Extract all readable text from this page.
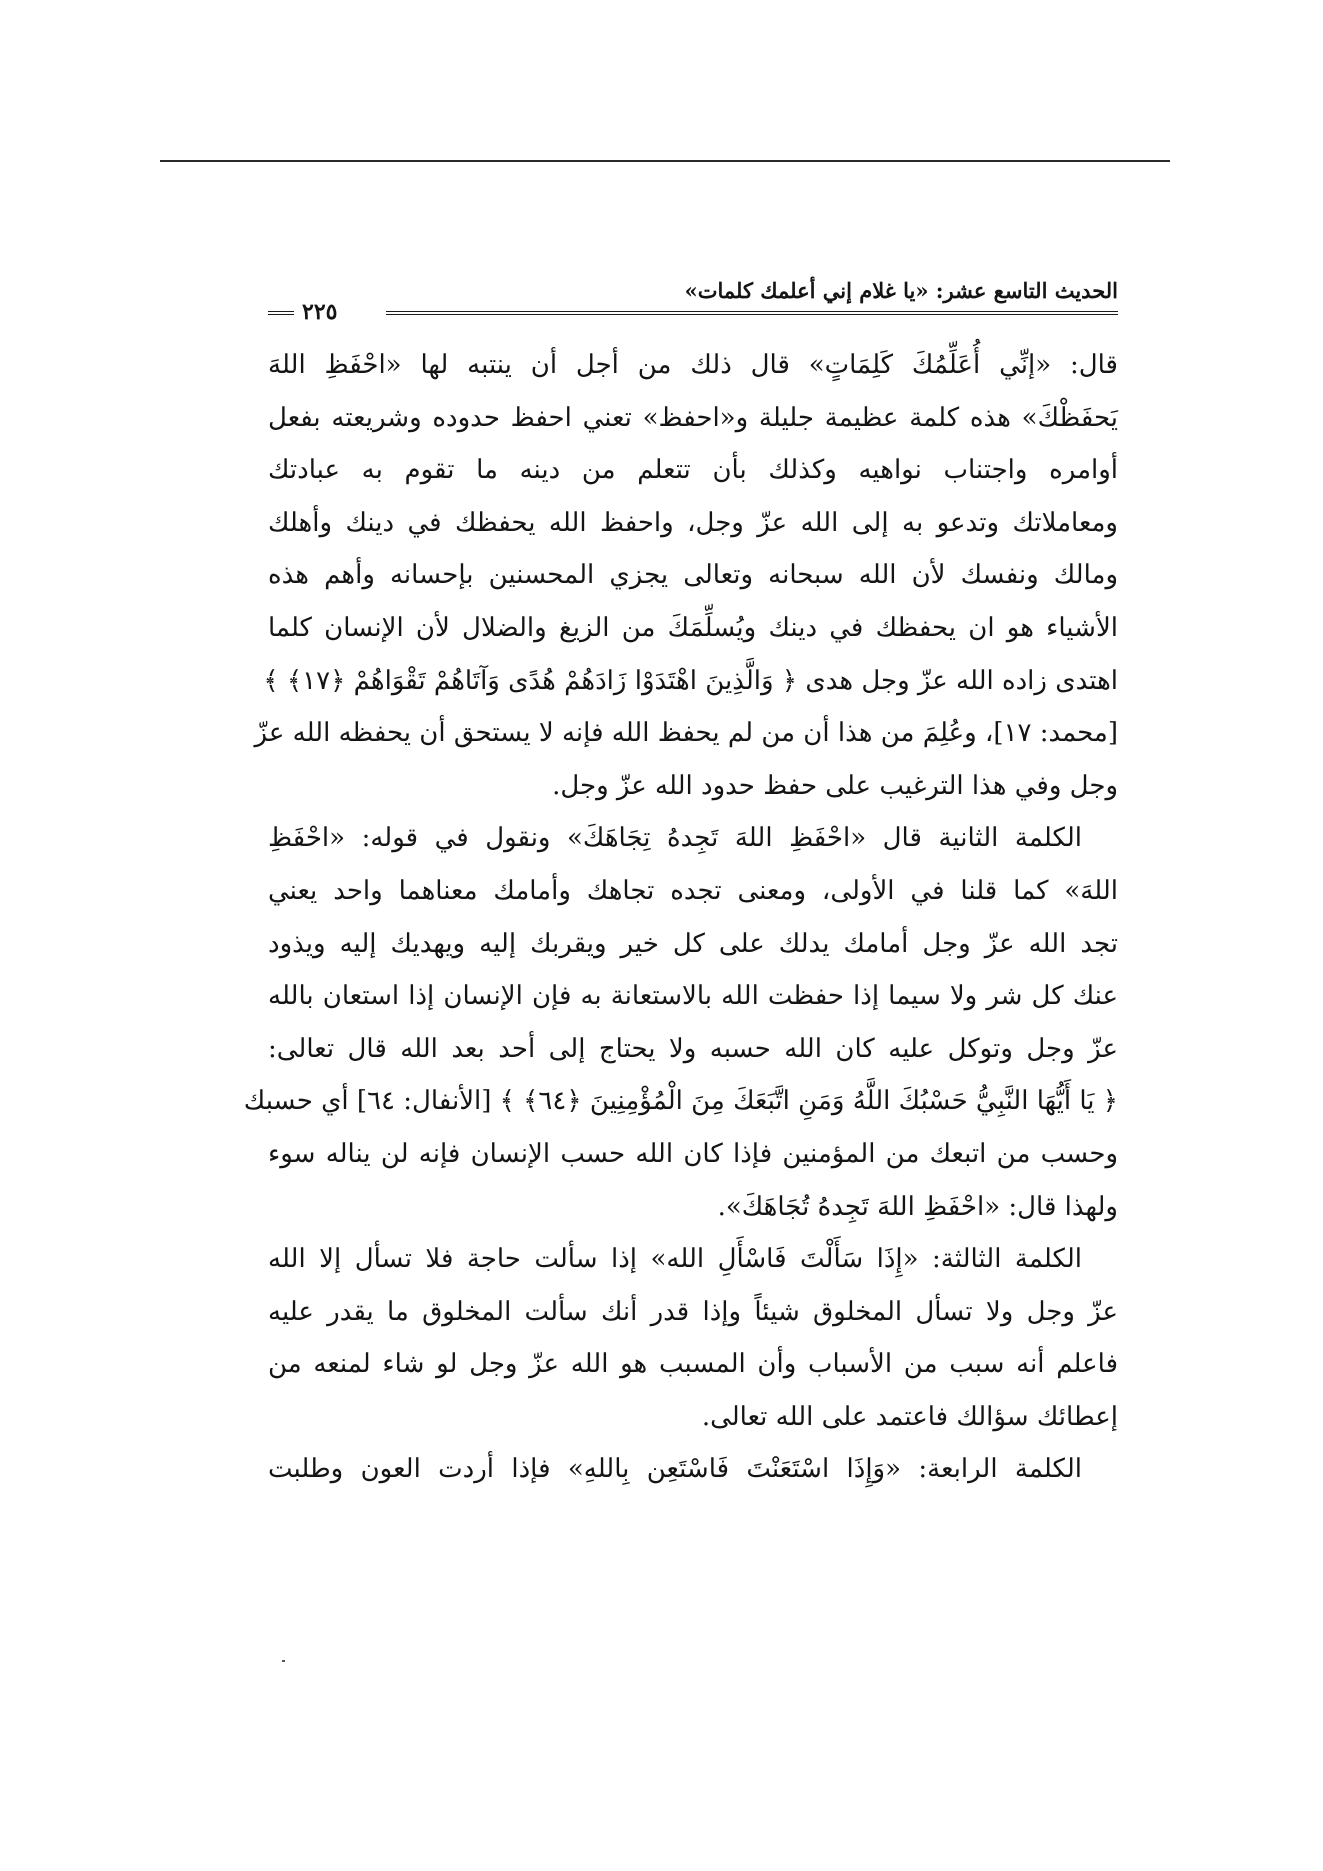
الحديث التاسع عشر: «يا غلام إني أعلمك كلمات»
٢٢٥
قال: «إنِّي أُعَلِّمُكَ كَلِمَاتٍ» قال ذلك من أجل أن ينتبه لها «احْفَظِ اللهَ
يَحفَظْكَ» هذه كلمة عظيمة جليلة و«احفظ» تعني احفظ حدوده وشريعته بفعل
أوامره واجتناب نواهيه وكذلك بأن تتعلم من دينه ما تقوم به عبادتك
ومعاملاتك وتدعو به إلى الله عزّ وجل، واحفظ الله يحفظك في دينك وأهلك
ومالك ونفسك لأن الله سبحانه وتعالى يجزي المحسنين بإحسانه وأهم هذه
الأشياء هو ان يحفظك في دينك ويُسلِّمَكَ من الزيغ والضلال لأن الإنسان كلما
اهتدى زاده الله عزّ وجل هدى ﴿ وَالَّذِينَ اهْتَدَوْا زَادَهُمْ هُدًى وَآتَاهُمْ تَقْوَاهُمْ ﴿١٧﴾ ﴾
[محمد: ١٧]، وعُلِمَ من هذا أن من لم يحفظ الله فإنه لا يستحق أن يحفظه الله عزّ
وجل وفي هذا الترغيب على حفظ حدود الله عزّ وجل.
الكلمة الثانية قال «احْفَظِ اللهَ تَجِدهُ تِجَاهَكَ» ونقول في قوله: «احْفَظِ
اللهَ» كما قلنا في الأولى، ومعنى تجده تجاهك وأمامك معناهما واحد يعني
تجد الله عزّ وجل أمامك يدلك على كل خير ويقربك إليه ويهديك إليه ويذود
عنك كل شر ولا سيما إذا حفظت الله بالاستعانة به فإن الإنسان إذا استعان بالله
عزّ وجل وتوكل عليه كان الله حسبه ولا يحتاج إلى أحد بعد الله قال تعالى:
﴿ يَا أَيُّهَا النَّبِيُّ حَسْبُكَ اللَّهُ وَمَنِ اتَّبَعَكَ مِنَ الْمُؤْمِنِينَ ﴿٦٤﴾ ﴾ [الأنفال: ٦٤] أي حسبك
وحسب من اتبعك من المؤمنين فإذا كان الله حسب الإنسان فإنه لن يناله سوء
ولهذا قال: «احْفَظِ اللهَ تَجِدهُ تُجَاهَكَ».
الكلمة الثالثة: «إِذَا سَأَلْتَ فَاسْأَلِ الله» إذا سألت حاجة فلا تسأل إلا الله
عزّ وجل ولا تسأل المخلوق شيئاً وإذا قدر أنك سألت المخلوق ما يقدر عليه
فاعلم أنه سبب من الأسباب وأن المسبب هو الله عزّ وجل لو شاء لمنعه من
إعطائك سؤالك فاعتمد على الله تعالى.
الكلمة الرابعة: «وَإِذَا اسْتَعَنْتَ فَاسْتَعِن بِاللهِ» فإذا أردت العون وطلبت
